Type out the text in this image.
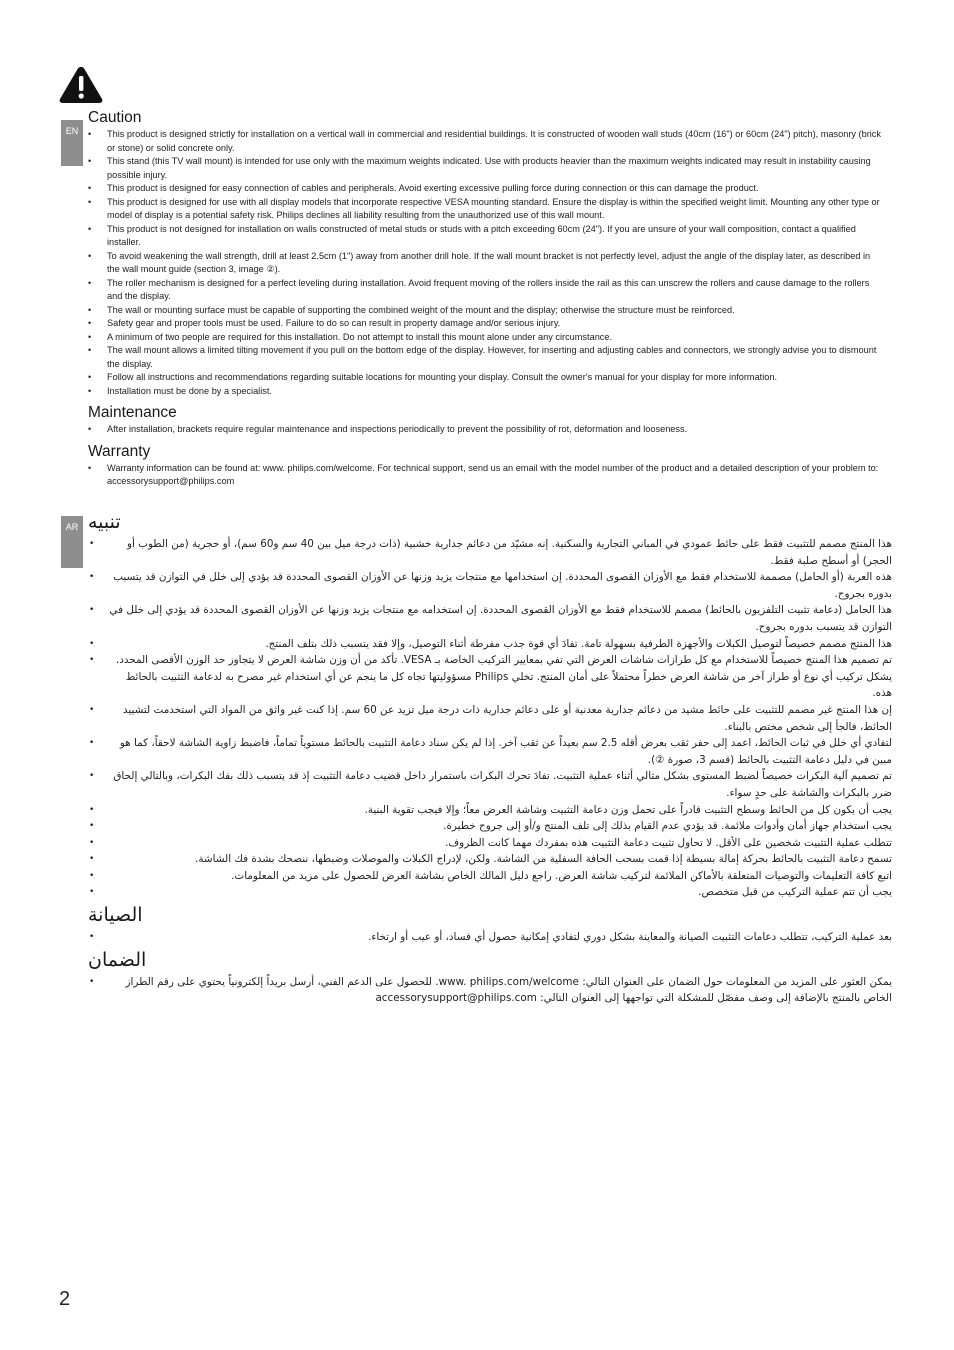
EN
AR
Caution
• This product is designed strictly for installation on a vertical wall in commercial and residential buildings. It is constructed of wooden wall studs (40cm (16") or 60cm (24") pitch), masonry (brick or stone) or solid concrete only.
• This stand (this TV wall mount) is intended for use only with the maximum weights indicated. Use with products heavier than the maximum weights indicated may result in instability causing possible injury.
• This product is designed for easy connection of cables and peripherals. Avoid exerting excessive pulling force during connection or this can damage the product.
• This product is designed for use with all display models that incorporate respective VESA mounting standard. Ensure the display is within the specified weight limit. Mounting any other type or model of display is a potential safety risk. Philips declines all liability resulting from the unauthorized use of this wall mount.
• This product is not designed for installation on walls constructed of metal studs or studs with a pitch exceeding 60cm (24"). If you are unsure of your wall composition, contact a qualified installer.
• To avoid weakening the wall strength, drill at least 2.5cm (1") away from another drill hole. If the wall mount bracket is not perfectly level, adjust the angle of the display later, as described in the wall mount guide (section 3, image ②).
• The roller mechanism is designed for a perfect leveling during installation. Avoid frequent moving of the rollers inside the rail as this can unscrew the rollers and cause damage to the rollers and the display.
• The wall or mounting surface must be capable of supporting the combined weight of the mount and the display; otherwise the structure must be reinforced.
• Safety gear and proper tools must be used. Failure to do so can result in property damage and/or serious injury.
• A minimum of two people are required for this installation. Do not attempt to install this mount alone under any circumstance.
• The wall mount allows a limited tilting movement if you pull on the bottom edge of the display. However, for inserting and adjusting cables and connectors, we strongly advise you to dismount the display.
• Follow all instructions and recommendations regarding suitable locations for mounting your display. Consult the owner's manual for your display for more information.
• Installation must be done by a specialist.
Maintenance
• After installation, brackets require regular maintenance and inspections periodically to prevent the possibility of rot, deformation and looseness.
Warranty
• Warranty information can be found at: www. philips.com/welcome. For technical support, send us an email with the model number of the product and a detailed description of your problem to: accessorysupport@philips.com
تنبيه
هذا المنتج مصمم للتثبيت فقط على حائط عمودي في المباني التجارية والسكنية. إنه مشيّد من دعائم جدارية خشبية (ذات درجة ميل بين 40 سم و60 سم)، أو حجرية (من الطوب أو الحجر) أو أسطح صلبة فقط. •
هذه العربة (أو الحامل) مصممة للاستخدام فقط مع الأوزان القصوى المحددة. إن استخدامها مع منتجات يزيد وزنها عن الأوزان القصوى المحددة قد يؤدي إلى خلل في التوازن قد يتسبب بدوره بجروح. •
هذا الحامل (دعامة تثبيت التلفزيون بالحائط) مصمم للاستخدام فقط مع الأوزان القصوى المحددة. إن استخدامه مع منتجات يزيد وزنها عن الأوزان القصوى المحددة قد يؤدي إلى خلل في التوازن قد يتسبب بدوره بجروح. •
هذا المنتج مصمم خصيصاً لتوصيل الكبلات والأجهزة الطرفية بسهولة تامة. تفادَ أي قوة جذب مفرطة أثناء التوصيل، وإلا فقد يتسبب ذلك بتلف المنتج. •
تم تصميم هذا المنتج خصيصاً للاستخدام مع كل طرازات شاشات العرض التي تفي بمعايير التركيب الخاصة بـ VESA. تأكد من أن وزن شاشة العرض لا يتجاوز حد الوزن الأقصى المحدد. يشكل تركيب أي نوع أو طراز آخر من شاشة العرض خطراً محتملاً على أمان المنتج. تخلي Philips مسؤوليتها تجاه كل ما ينجم عن أي استخدام غير مصرح به لدعامة التثبيت بالحائط هذه. •
إن هذا المنتج غير مصمم للتثبيت على حائط مشيد من دعائم جدارية معدنية أو على دعائم جدارية ذات درجة ميل تزيد عن 60 سم. إذا كنت غير واثق من المواد التي استخدمت لتشييد الحائط، فالجأ إلى شخص مختص بالبناء. •
لتفادي أي خلل في ثبات الحائط، اعمد إلى حفر ثقب بعرض أقله 2.5 سم بعيداً عن ثقب آخر. إذا لم يكن سناد دعامة التثبيت بالحائط مستوياً تماماً، فاضبط زاوية الشاشة لاحقاً، كما هو مبين في دليل دعامة التثبيت بالحائط (قسم 3، صورة ②). •
تم تصميم آلية البكرات خصيصاً لضبط المستوى بشكل مثالي أثناء عملية التثبيت. تفادَ تحرك البكرات باستمرار داخل قضيب دعامة التثبيت إذ قد يتسبب ذلك بفك البكرات، وبالتالي إلحاق ضرر بالبكرات والشاشة على حدٍ سواء. •
يجب أن يكون كل من الحائط وسطح التثبيت قادراً على تحمل وزن دعامة التثبيت وشاشة العرض معاً؛ وإلا فيجب تقوية البنية. •
يجب استخدام جهاز أمان وأدوات ملائمة. قد يؤدي عدم القيام بذلك إلى تلف المنتج و/أو إلى جروح خطيرة. •
تتطلب عملية التثبيت شخصين على الأقل. لا تحاول تثبيت دعامة التثبيت هذه بمفردك مهما كانت الظروف. •
تسمح دعامة التثبيت بالحائط بحركة إمالة بسيطة إذا قمت بسحب الحافة السفلية من الشاشة. ولكن، لإدراج الكبلات والموصلات وضبطها، ننصحك بشدة فك الشاشة. •
اتبع كافة التعليمات والتوصيات المتعلقة بالأماكن الملائمة لتركيب شاشة العرض. راجع دليل المالك الخاص بشاشة العرض للحصول على مزيد من المعلومات. •
يجب أن تتم عملية التركيب من قبل متخصص. •
الصيانة
بعد عملية التركيب، تتطلب دعامات التثبيت الصيانة والمعاينة بشكل دوري لتفادي إمكانية حصول أي فساد، أو عيب أو ارتخاء. •
الضمان
يمكن العثور على المزيد من المعلومات حول الضمان على العنوان التالي: www. philips.com/welcome. للحصول على الدعم الفني، أرسل بريداً إلكترونياً يحتوي على رقم الطراز الخاص بالمنتج بالإضافة إلى وصف مفصّل للمشكلة التي تواجهها إلى العنوان التالي: accessorysupport@philips.com •
2
